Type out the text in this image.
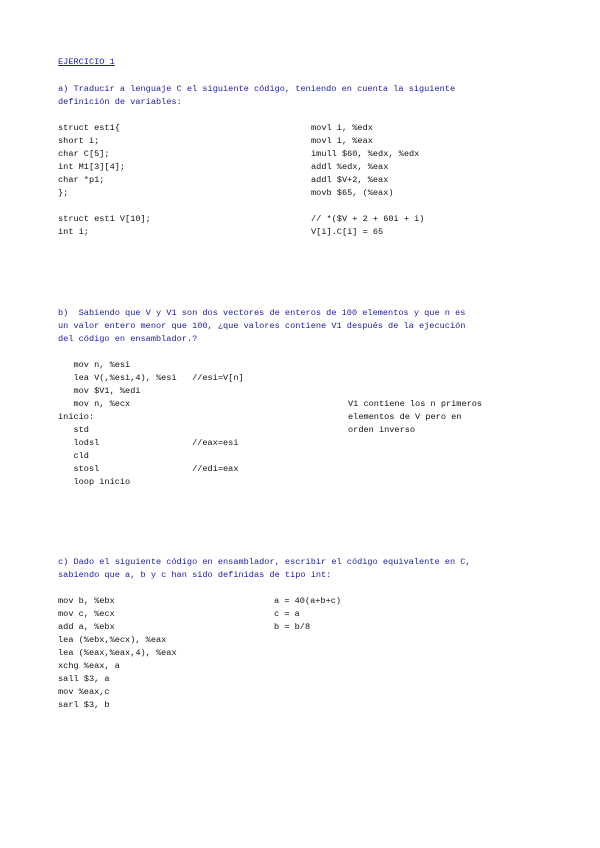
EJERCICIO 1
a) Traducir a lenguaje C el siguiente código, teniendo en cuenta la siguiente
definición de variables:
struct est1{
short i;
char C[5];
int M1[3][4];
char *p1;
};
struct est1 V[10];
int i;
movl i, %edx
movl i, %eax
imull $60, %edx, %edx
addl %edx, %eax
addl $V+2, %eax
movb $65, (%eax)
// *($V + 2 + 60i + i)
V[i].C[i] = 65
b)  Sabiendo que V y V1 son dos vectores de enteros de 100 elementos y que n es
un valor entero menor que 100, ¿que valores contiene V1 después de la ejecución
del código en ensamblador.?
mov n, %esi
lea V(,%esi,4), %esi   //esi=V[n]
mov $V1, %edi
mov n, %ecx
inicio:
std
lodsl                  //eax=esi
cld
stosl                  //edi=eax
loop inicio
V1 contiene los n primeros
elementos de V pero en
orden inverso
c) Dado el siguiente código en ensamblador, escribir el código equivalente en C,
sabiendo que a, b y c han sido definidas de tipo int:
mov b, %ebx
mov c, %ecx
add a, %ebx
lea (%ebx,%ecx), %eax
lea (%eax,%eax,4), %eax
xchg %eax, a
sall $3, a
mov %eax,c
sarl $3, b
a = 40(a+b+c)
c = a
b = b/8
